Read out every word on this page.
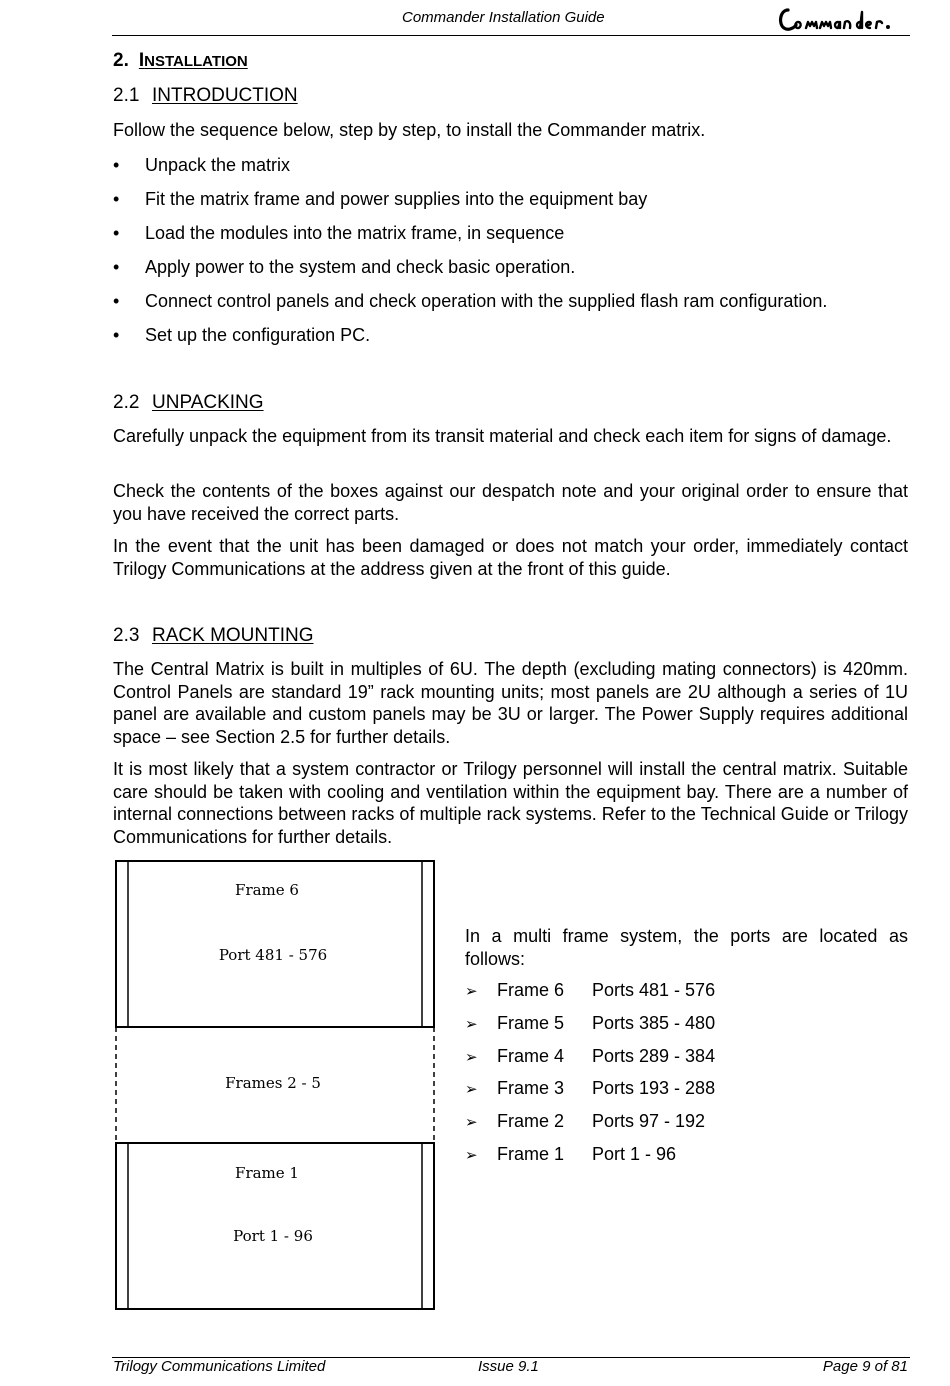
Commander Installation Guide
2. INSTALLATION
2.1 INTRODUCTION
Follow the sequence below, step by step, to install the Commander matrix.
• Unpack the matrix
• Fit the matrix frame and power supplies into the equipment bay
• Load the modules into the matrix frame, in sequence
• Apply power to the system and check basic operation.
• Connect control panels and check operation with the supplied flash ram configuration.
• Set up the configuration PC.
2.2 UNPACKING
Carefully unpack the equipment from its transit material and check each item for signs of damage.
Check the contents of the boxes against our despatch note and your original order to ensure that you have received the correct parts.
In the event that the unit has been damaged or does not match your order, immediately contact Trilogy Communications at the address given at the front of this guide.
2.3 RACK MOUNTING
The Central Matrix is built in multiples of 6U. The depth (excluding mating connectors) is 420mm. Control Panels are standard 19” rack mounting units; most panels are 2U although a series of 1U panel are available and custom panels may be 3U or larger. The Power Supply requires additional space – see Section 2.5 for further details.
It is most likely that a system contractor or Trilogy personnel will install the central matrix. Suitable care should be taken with cooling and ventilation within the equipment bay. There are a number of internal connections between racks of multiple rack systems. Refer to the Technical Guide or Trilogy Communications for further details.
Frame 6
Port 481 - 576
Frames 2 - 5
Frame 1
Port 1 - 96
In a multi frame system, the ports are located as follows:
➢ Frame 6 Ports 481 - 576
➢ Frame 5 Ports 385 - 480
➢ Frame 4 Ports 289 - 384
➢ Frame 3 Ports 193 - 288
➢ Frame 2 Ports 97 - 192
➢ Frame 1 Port 1 - 96
Trilogy Communications Limited	Issue 9.1	Page 9 of 81
